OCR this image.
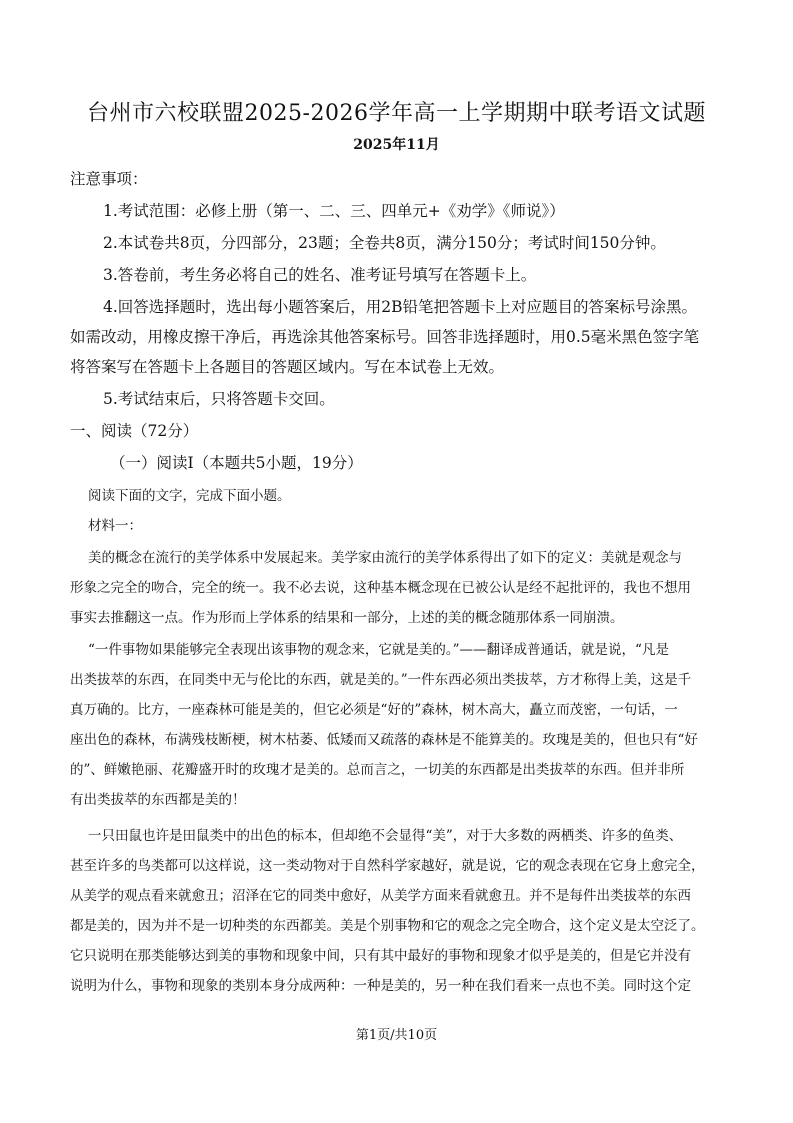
台州市六校联盟2025-2026学年高一上学期期中联考语文试题
2025年11月
注意事项：
1.考试范围：必修上册（第一、二、三、四单元+《劝学》《师说》）
2.本试卷共8页，分四部分，23题；全卷共8页，满分150分；考试时间150分钟。
3.答卷前，考生务必将自己的姓名、准考证号填写在答题卡上。
4.回答选择题时，选出每小题答案后，用2B铅笔把答题卡上对应题目的答案标号涂黑。
如需改动，用橡皮擦干净后，再选涂其他答案标号。回答非选择题时，用0.5毫米黑色签字笔
将答案写在答题卡上各题目的答题区域内。写在本试卷上无效。
5.考试结束后，只将答题卡交回。
一、阅读（72分）
（一）阅读Ⅰ（本题共5小题，19分）
阅读下面的文字，完成下面小题。
材料一：
美的概念在流行的美学体系中发展起来。美学家由流行的美学体系得出了如下的定义：美就是观念与
形象之完全的吻合，完全的统一。我不必去说，这种基本概念现在已被公认是经不起批评的，我也不想用
事实去推翻这一点。作为形而上学体系的结果和一部分，上述的美的概念随那体系一同崩溃。
“一件事物如果能够完全表现出该事物的观念来，它就是美的。”——翻译成普通话，就是说，“凡是
出类拔萃的东西，在同类中无与伦比的东西，就是美的。”一件东西必须出类拔萃，方才称得上美，这是千
真万确的。比方，一座森林可能是美的，但它必须是“好的”森林，树木高大，矗立而茂密，一句话，一
座出色的森林，布满残枝断梗，树木枯萎、低矮而又疏落的森林是不能算美的。玫瑰是美的，但也只有“好
的”、鲜嫩艳丽、花瓣盛开时的玫瑰才是美的。总而言之，一切美的东西都是出类拔萃的东西。但并非所
有出类拔萃的东西都是美的！
一只田鼠也许是田鼠类中的出色的标本，但却绝不会显得“美”，对于大多数的两栖类、许多的鱼类、
甚至许多的鸟类都可以这样说，这一类动物对于自然科学家越好，就是说，它的观念表现在它身上愈完全，
从美学的观点看来就愈丑；沼泽在它的同类中愈好，从美学方面来看就愈丑。并不是每件出类拔萃的东西
都是美的，因为并不是一切种类的东西都美。美是个别事物和它的观念之完全吻合，这个定义是太空泛了。
它只说明在那类能够达到美的事物和现象中间，只有其中最好的事物和现象才似乎是美的，但是它并没有
说明为什么，事物和现象的类别本身分成两种：一种是美的，另一种在我们看来一点也不美。同时这个定
第1页/共10页
